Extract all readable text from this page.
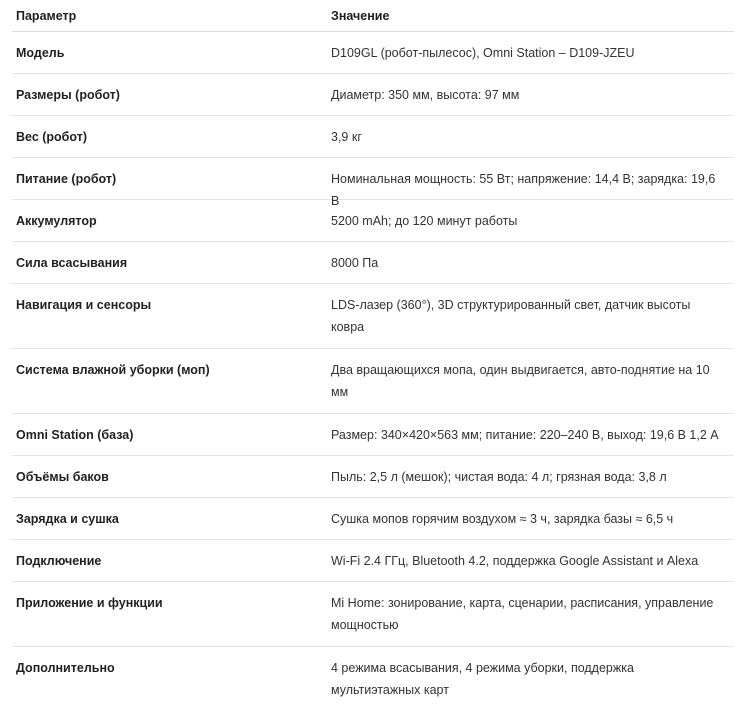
Параметр	Значение
Модель	D109GL (робот-пылесос), Omni Station – D109-JZEU
Размеры (робот)	Диаметр: 350 мм, высота: 97 мм
Вес (робот)	3,9 кг
Питание (робот)	Номинальная мощность: 55 Вт; напряжение: 14,4 В; зарядка: 19,6 В
Аккумулятор	5200 mAh; до 120 минут работы
Сила всасывания	8000 Па
Навигация и сенсоры	LDS-лазер (360°), 3D структурированный свет, датчик высоты ковра
Система влажной уборки (моп)	Два вращающихся мопа, один выдвигается, авто-поднятие на 10 мм
Omni Station (база)	Размер: 340×420×563 мм; питание: 220–240 В, выход: 19,6 В 1,2 А
Объёмы баков	Пыль: 2,5 л (мешок); чистая вода: 4 л; грязная вода: 3,8 л
Зарядка и сушка	Сушка мопов горячим воздухом ≈ 3 ч, зарядка базы ≈ 6,5 ч
Подключение	Wi-Fi 2.4 ГГц, Bluetooth 4.2, поддержка Google Assistant и Alexa
Приложение и функции	Mi Home: зонирование, карта, сценарии, расписания, управление мощностью
Дополнительно	4 режима всасывания, 4 режима уборки, поддержка мультиэтажных карт
